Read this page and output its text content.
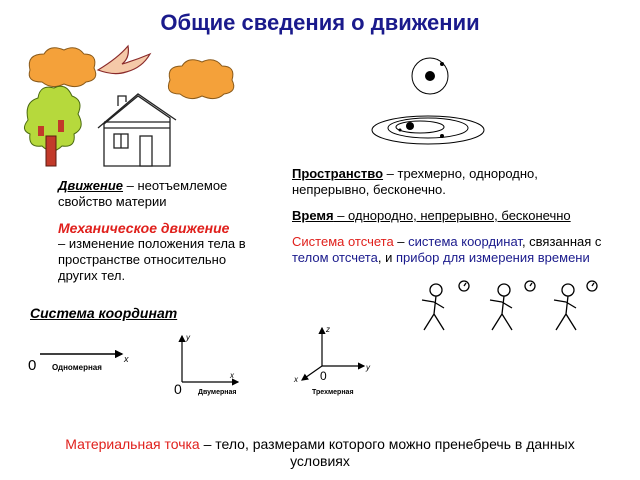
Общие сведения о движении
Движение – неотъемлемое свойство материи
Механическое движение
– изменение положения тела в пространстве относительно других тел.
Пространство – трехмерно, однородно, непрерывно, бесконечно.
Время – однородно, непрерывно, бесконечно
Система отсчета – система координат, связанная с телом отсчета, и прибор для измерения времени
Система координат
0	x
Одномерная
y
x
0 Двумерная
z
y
x 0
Трехмерная
Материальная точка – тело, размерами которого можно пренебречь в данных условиях
